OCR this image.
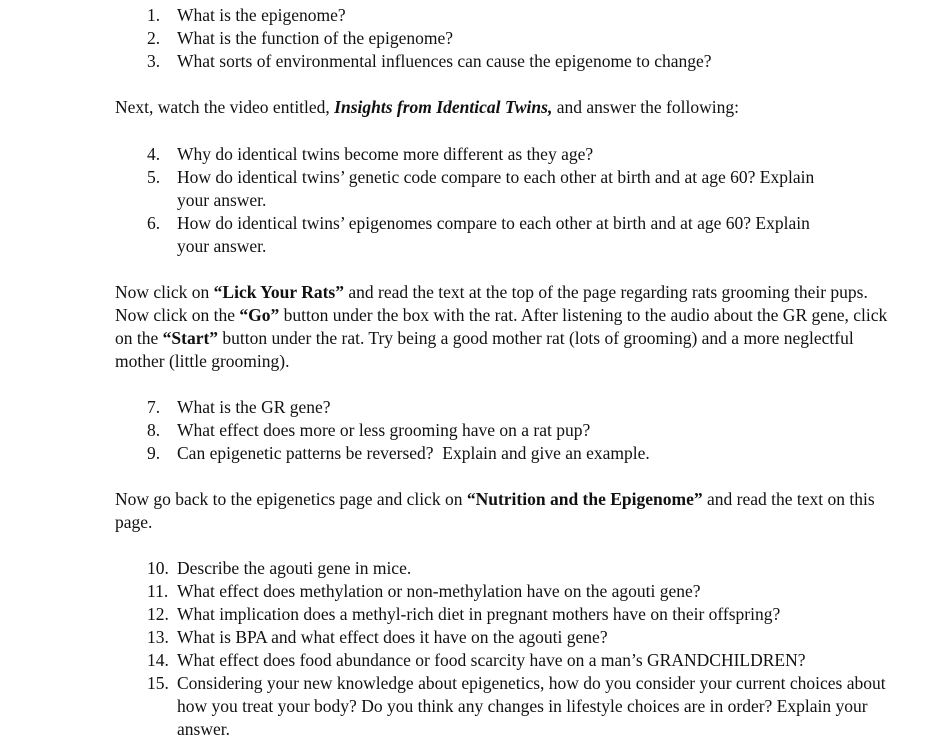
1. What is the epigenome?
2. What is the function of the epigenome?
3. What sorts of environmental influences can cause the epigenome to change?

Next, watch the video entitled, Insights from Identical Twins, and answer the following:

4. Why do identical twins become more different as they age?
5. How do identical twins’ genetic code compare to each other at birth and at age 60? Explain your answer.
6. How do identical twins’ epigenomes compare to each other at birth and at age 60? Explain your answer.

Now click on “Lick Your Rats” and read the text at the top of the page regarding rats grooming their pups. Now click on the “Go” button under the box with the rat. After listening to the audio about the GR gene, click on the “Start” button under the rat. Try being a good mother rat (lots of grooming) and a more neglectful mother (little grooming).

7. What is the GR gene?
8. What effect does more or less grooming have on a rat pup?
9. Can epigenetic patterns be reversed?  Explain and give an example.

Now go back to the epigenetics page and click on “Nutrition and the Epigenome” and read the text on this page.

10. Describe the agouti gene in mice.
11. What effect does methylation or non-methylation have on the agouti gene?
12. What implication does a methyl-rich diet in pregnant mothers have on their offspring?
13. What is BPA and what effect does it have on the agouti gene?
14. What effect does food abundance or food scarcity have on a man’s GRANDCHILDREN?
15. Considering your new knowledge about epigenetics, how do you consider your current choices about how you treat your body? Do you think any changes in lifestyle choices are in order? Explain your answer.
